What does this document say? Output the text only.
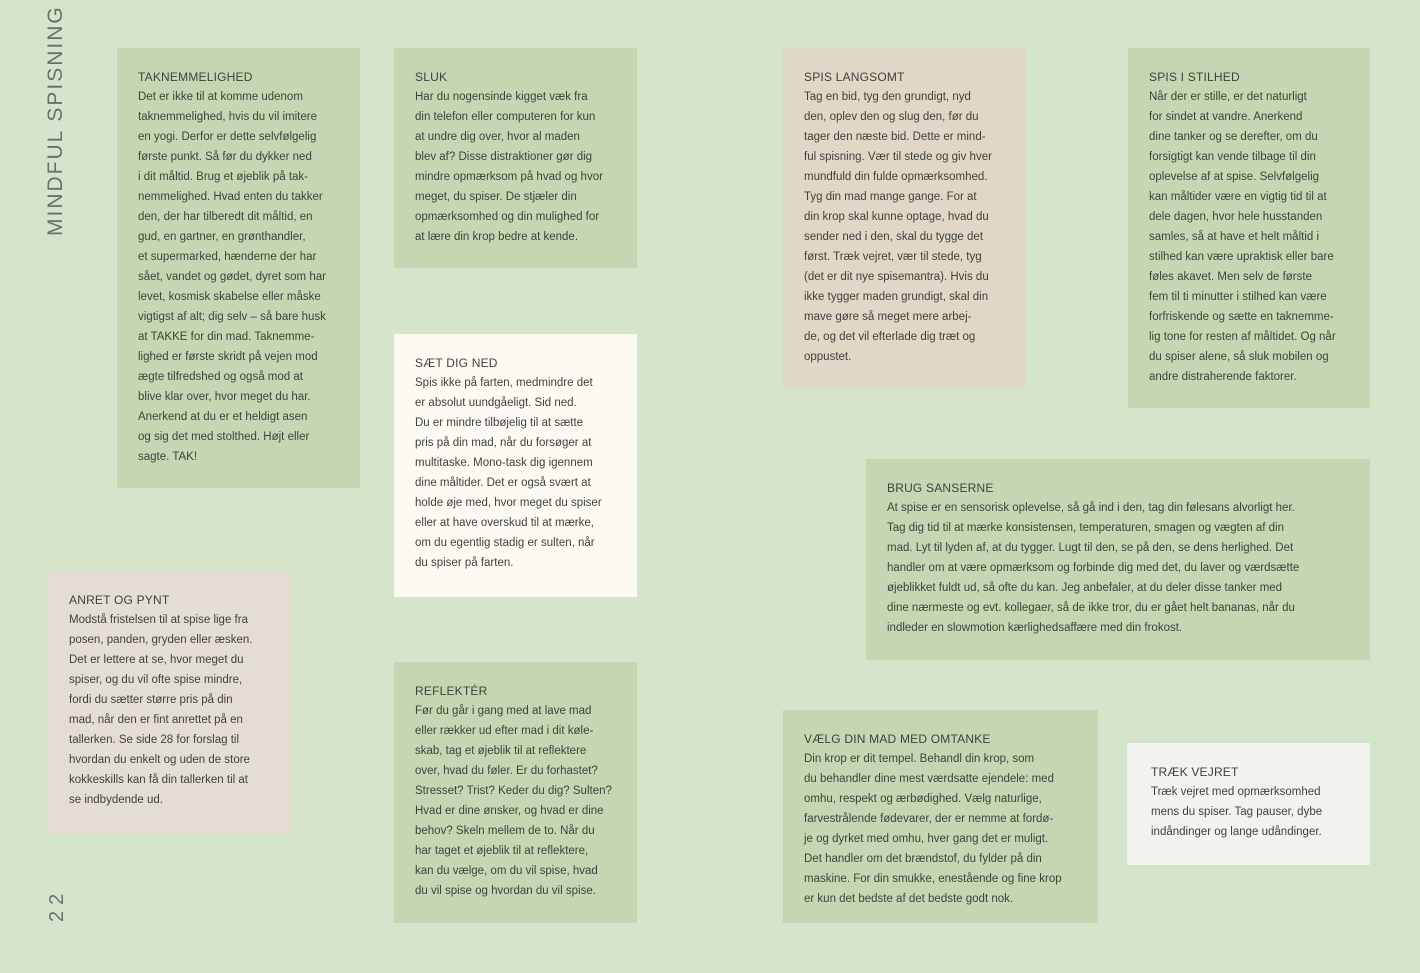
MINDFUL SPISNING
22
TAKNEMMELIGHED
Det er ikke til at komme udenom
taknemmelighed, hvis du vil imitere
en yogi. Derfor er dette selvfølgelig
første punkt. Så før du dykker ned
i dit måltid. Brug et øjeblik på tak-
nemmelighed. Hvad enten du takker
den, der har tilberedt dit måltid, en
gud, en gartner, en grønthandler,
et supermarked, hænderne der har
sået, vandet og gødet, dyret som har
levet, kosmisk skabelse eller måske
vigtigst af alt; dig selv – så bare husk
at TAKKE for din mad. Taknemme-
lighed er første skridt på vejen mod
ægte tilfredshed og også mod at
blive klar over, hvor meget du har.
Anerkend at du er et heldigt asen
og sig det med stolthed. Højt eller
sagte. TAK!
SLUK
Har du nogensinde kigget væk fra
din telefon eller computeren for kun
at undre dig over, hvor al maden
blev af? Disse distraktioner gør dig
mindre opmærksom på hvad og hvor
meget, du spiser. De stjæler din
opmærksomhed og din mulighed for
at lære din krop bedre at kende.
SÆT DIG NED
Spis ikke på farten, medmindre det
er absolut uundgåeligt. Sid ned.
Du er mindre tilbøjelig til at sætte
pris på din mad, når du forsøger at
multitaske. Mono-task dig igennem
dine måltider. Det er også svært at
holde øje med, hvor meget du spiser
eller at have overskud til at mærke,
om du egentlig stadig er sulten, når
du spiser på farten.
ANRET OG PYNT
Modstå fristelsen til at spise lige fra
posen, panden, gryden eller æsken.
Det er lettere at se, hvor meget du
spiser, og du vil ofte spise mindre,
fordi du sætter større pris på din
mad, når den er fint anrettet på en
tallerken. Se side 28 for forslag til
hvordan du enkelt og uden de store
kokkeskills kan få din tallerken til at
se indbydende ud.
REFLEKTÉR
Før du går i gang med at lave mad
eller rækker ud efter mad i dit køle-
skab, tag et øjeblik til at reflektere
over, hvad du føler. Er du forhastet?
Stresset? Trist? Keder du dig? Sulten?
Hvad er dine ønsker, og hvad er dine
behov? Skeln mellem de to. Når du
har taget et øjeblik til at reflektere,
kan du vælge, om du vil spise, hvad
du vil spise og hvordan du vil spise.
SPIS LANGSOMT
Tag en bid, tyg den grundigt, nyd
den, oplev den og slug den, før du
tager den næste bid. Dette er mind-
ful spisning. Vær til stede og giv hver
mundfuld din fulde opmærksomhed.
Tyg din mad mange gange. For at
din krop skal kunne optage, hvad du
sender ned i den, skal du tygge det
først. Træk vejret, vær til stede, tyg
(det er dit nye spisemantra). Hvis du
ikke tygger maden grundigt, skal din
mave gøre så meget mere arbej-
de, og det vil efterlade dig træt og
oppustet.
SPIS I STILHED
Når der er stille, er det naturligt
for sindet at vandre. Anerkend
dine tanker og se derefter, om du
forsigtigt kan vende tilbage til din
oplevelse af at spise. Selvfølgelig
kan måltider være en vigtig tid til at
dele dagen, hvor hele husstanden
samles, så at have et helt måltid i
stilhed kan være upraktisk eller bare
føles akavet. Men selv de første
fem til ti minutter i stilhed kan være
forfriskende og sætte en taknemme-
lig tone for resten af måltidet. Og når
du spiser alene, så sluk mobilen og
andre distraherende faktorer.
BRUG SANSERNE
At spise er en sensorisk oplevelse, så gå ind i den, tag din følesans alvorligt her.
Tag dig tid til at mærke konsistensen, temperaturen, smagen og vægten af din
mad. Lyt til lyden af, at du tygger. Lugt til den, se på den, se dens herlighed. Det
handler om at være opmærksom og forbinde dig med det, du laver og værdsætte
øjeblikket fuldt ud, så ofte du kan. Jeg anbefaler, at du deler disse tanker med
dine nærmeste og evt. kollegaer, så de ikke tror, du er gået helt bananas, når du
indleder en slowmotion kærlighedsaffære med din frokost.
VÆLG DIN MAD MED OMTANKE
Din krop er dit tempel. Behandl din krop, som
du behandler dine mest værdsatte ejendele: med
omhu, respekt og ærbødighed. Vælg naturlige,
farvestrålende fødevarer, der er nemme at fordø-
je og dyrket med omhu, hver gang det er muligt.
Det handler om det brændstof, du fylder på din
maskine. For din smukke, enestående og fine krop
er kun det bedste af det bedste godt nok.
TRÆK VEJRET
Træk vejret med opmærksomhed
mens du spiser. Tag pauser, dybe
indåndinger og lange udåndinger.
